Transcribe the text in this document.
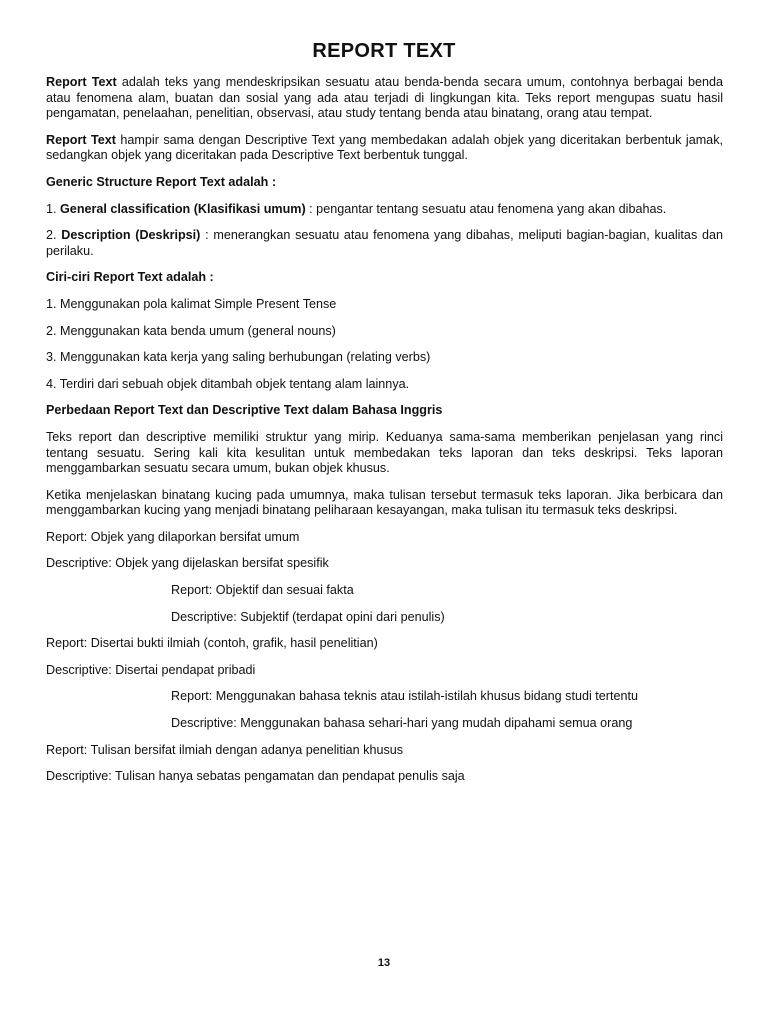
REPORT TEXT

Report Text adalah teks yang mendeskripsikan sesuatu atau benda-benda secara umum, contohnya berbagai benda atau fenomena alam, buatan dan sosial yang ada atau terjadi di lingkungan kita. Teks report mengupas suatu hasil pengamatan, penelaahan, penelitian, observasi, atau study tentang benda atau binatang, orang atau tempat.

Report Text hampir sama dengan Descriptive Text yang membedakan adalah objek yang diceritakan berbentuk jamak, sedangkan objek yang diceritakan pada Descriptive Text berbentuk tunggal.

Generic Structure Report Text adalah :

1. General classification (Klasifikasi umum) : pengantar tentang sesuatu atau fenomena yang akan dibahas.

2. Description (Deskripsi) : menerangkan sesuatu atau fenomena yang dibahas, meliputi bagian-bagian, kualitas dan perilaku.

Ciri-ciri Report Text adalah :

1. Menggunakan pola kalimat Simple Present Tense

2. Menggunakan kata benda umum (general nouns)

3. Menggunakan kata kerja yang saling berhubungan (relating verbs)

4. Terdiri dari sebuah objek ditambah objek tentang alam lainnya.

Perbedaan Report Text dan Descriptive Text dalam Bahasa Inggris

Teks report dan descriptive memiliki struktur yang mirip. Keduanya sama-sama memberikan penjelasan yang rinci tentang sesuatu. Sering kali kita kesulitan untuk membedakan teks laporan dan teks deskripsi. Teks laporan menggambarkan sesuatu secara umum, bukan objek khusus.

Ketika menjelaskan binatang kucing pada umumnya, maka tulisan tersebut termasuk teks laporan. Jika berbicara dan menggambarkan kucing yang menjadi binatang peliharaan kesayangan, maka tulisan itu termasuk teks deskripsi.

Report: Objek yang dilaporkan bersifat umum

Descriptive: Objek yang dijelaskan bersifat spesifik

Report: Objektif dan sesuai fakta

Descriptive: Subjektif (terdapat opini dari penulis)

Report: Disertai bukti ilmiah (contoh, grafik, hasil penelitian)

Descriptive: Disertai pendapat pribadi

Report: Menggunakan bahasa teknis atau istilah-istilah khusus bidang studi tertentu

Descriptive: Menggunakan bahasa sehari-hari yang mudah dipahami semua orang

Report: Tulisan bersifat ilmiah dengan adanya penelitian khusus

Descriptive: Tulisan hanya sebatas pengamatan dan pendapat penulis saja

13
